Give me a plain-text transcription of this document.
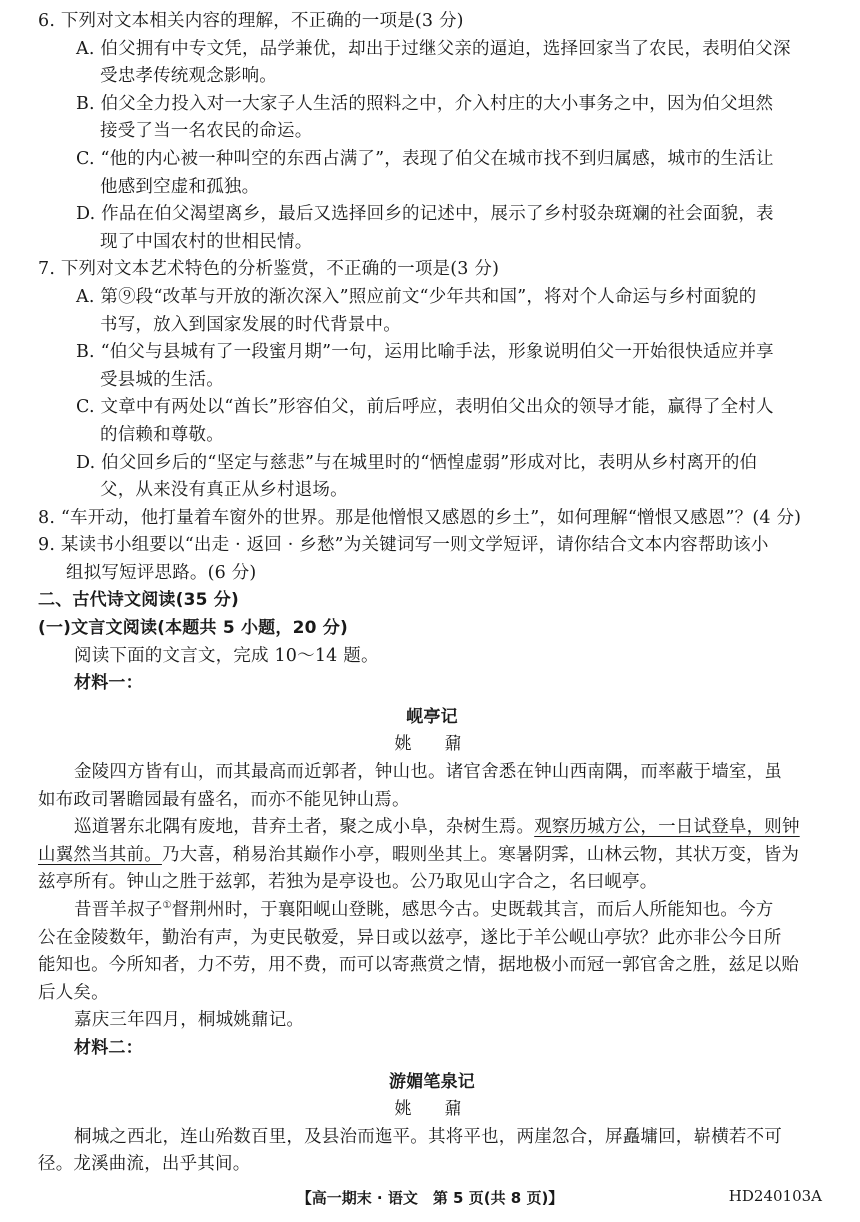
6. 下列对文本相关内容的理解，不正确的一项是(3 分)
A. 伯父拥有中专文凭，品学兼优，却出于过继父亲的逼迫，选择回家当了农民，表明伯父深
受忠孝传统观念影响。
B. 伯父全力投入对一大家子人生活的照料之中，介入村庄的大小事务之中，因为伯父坦然
接受了当一名农民的命运。
C. “他的内心被一种叫空的东西占满了”，表现了伯父在城市找不到归属感，城市的生活让
他感到空虚和孤独。
D. 作品在伯父渴望离乡，最后又选择回乡的记述中，展示了乡村驳杂斑斓的社会面貌，表
现了中国农村的世相民情。
7. 下列对文本艺术特色的分析鉴赏，不正确的一项是(3 分)
A. 第⑨段“改革与开放的渐次深入”照应前文“少年共和国”，将对个人命运与乡村面貌的
书写，放入到国家发展的时代背景中。
B. “伯父与县城有了一段蜜月期”一句，运用比喻手法，形象说明伯父一开始很快适应并享
受县城的生活。
C. 文章中有两处以“酋长”形容伯父，前后呼应，表明伯父出众的领导才能，赢得了全村人
的信赖和尊敬。
D. 伯父回乡后的“坚定与慈悲”与在城里时的“恓惶虚弱”形成对比，表明从乡村离开的伯
父，从来没有真正从乡村退场。
8. “车开动，他打量着车窗外的世界。那是他憎恨又感恩的乡土”，如何理解“憎恨又感恩”？(4 分)
9. 某读书小组要以“出走 · 返回 · 乡愁”为关键词写一则文学短评，请你结合文本内容帮助该小
组拟写短评思路。(6 分)
二、古代诗文阅读(35 分)
(一)文言文阅读(本题共 5 小题，20 分)
阅读下面的文言文，完成 10～14 题。
材料一：
岘亭记
姚　鼐
金陵四方皆有山，而其最高而近郭者，钟山也。诸官舍悉在钟山西南隅，而率蔽于墙室，虽
如布政司署瞻园最有盛名，而亦不能见钟山焉。
巡道署东北隅有废地，昔弃土者，聚之成小阜，杂树生焉。观察历城方公，一日试登阜，则钟
山翼然当其前。乃大喜，稍易治其巅作小亭，暇则坐其上。寒暑阴霁，山林云物，其状万变，皆为
兹亭所有。钟山之胜于兹郭，若独为是亭设也。公乃取见山字合之，名曰岘亭。
昔晋羊叔子①督荆州时，于襄阳岘山登眺，感思今古。史既载其言，而后人所能知也。今方
公在金陵数年，勤治有声，为吏民敬爱，异日或以兹亭，遂比于羊公岘山亭欤？此亦非公今日所
能知也。今所知者，力不劳，用不费，而可以寄燕赏之情，据地极小而冠一郭官舍之胜，兹足以贻
后人矣。
嘉庆三年四月，桐城姚鼐记。
材料二：
游媚笔泉记
姚　鼐
桐城之西北，连山殆数百里，及县治而迤平。其将平也，两崖忽合，屏矗墉回，崭横若不可
径。龙溪曲流，出乎其间。
【高一期末 · 语文　第 5 页(共 8 页)】	HD240103A
